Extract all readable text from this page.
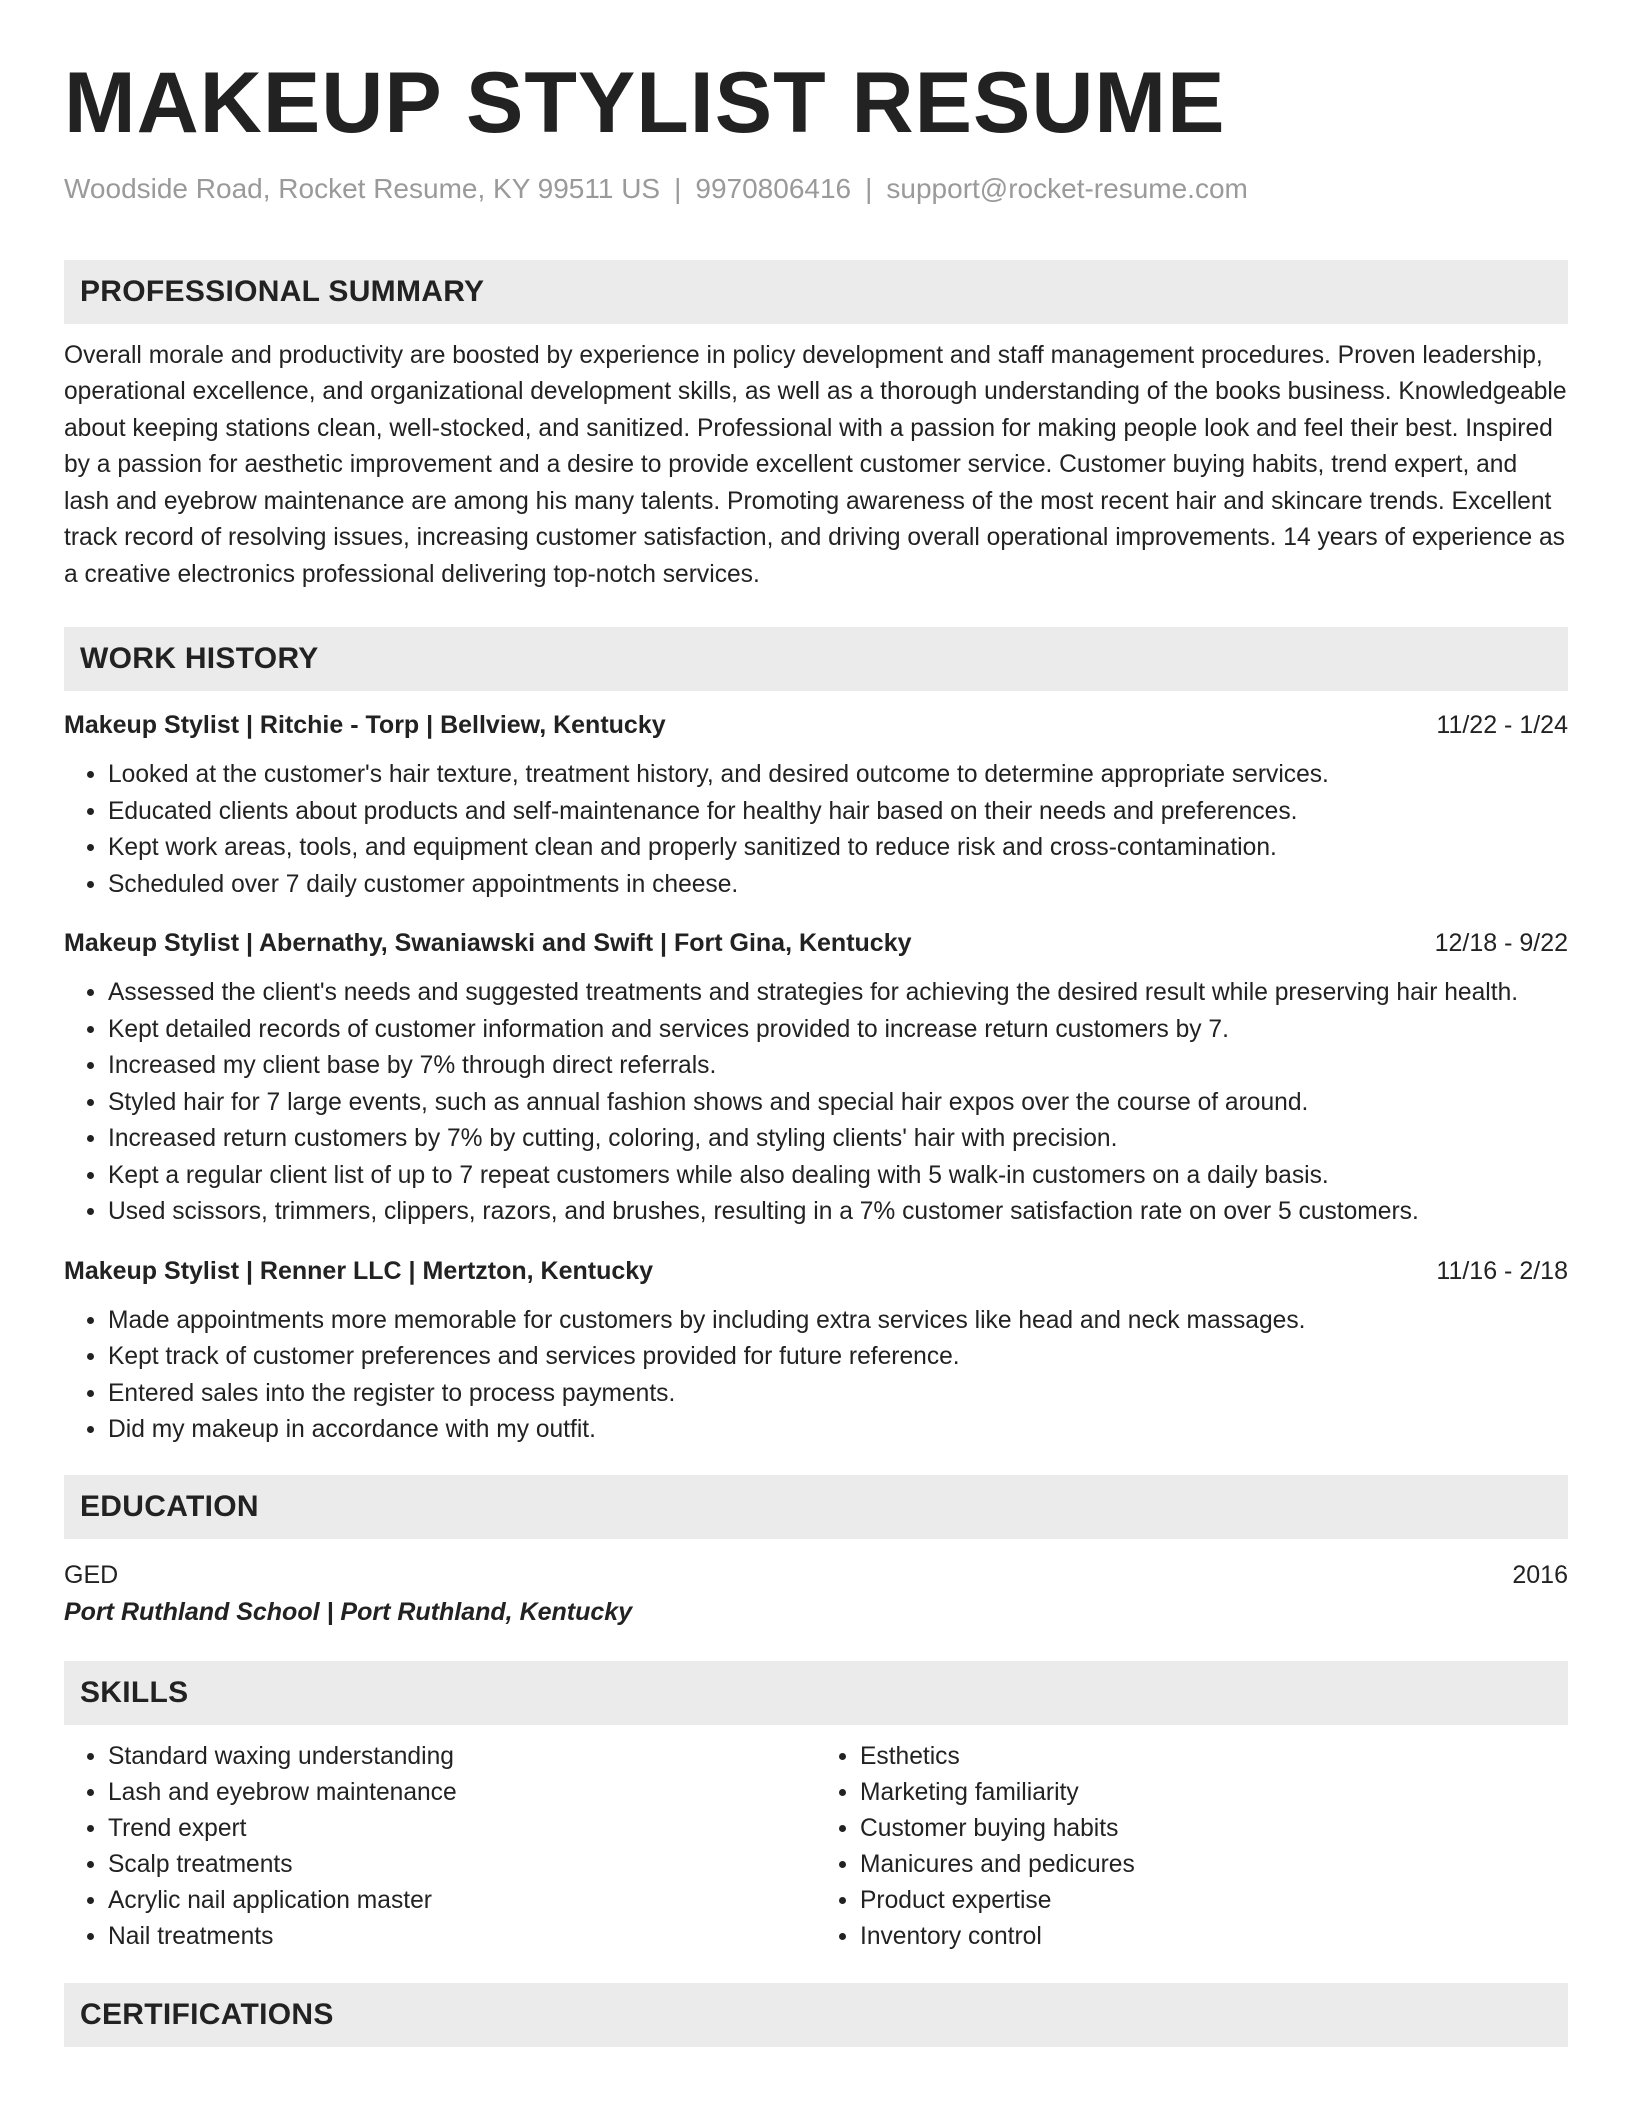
MAKEUP STYLIST RESUME
Woodside Road, Rocket Resume, KY 99511 US | 9970806416 | support@rocket-resume.com
PROFESSIONAL SUMMARY
Overall morale and productivity are boosted by experience in policy development and staff management procedures. Proven leadership, operational excellence, and organizational development skills, as well as a thorough understanding of the books business. Knowledgeable about keeping stations clean, well-stocked, and sanitized. Professional with a passion for making people look and feel their best. Inspired by a passion for aesthetic improvement and a desire to provide excellent customer service. Customer buying habits, trend expert, and lash and eyebrow maintenance are among his many talents. Promoting awareness of the most recent hair and skincare trends. Excellent track record of resolving issues, increasing customer satisfaction, and driving overall operational improvements. 14 years of experience as a creative electronics professional delivering top-notch services.
WORK HISTORY
Makeup Stylist | Ritchie - Torp | Bellview, Kentucky	11/22 - 1/24
• Looked at the customer's hair texture, treatment history, and desired outcome to determine appropriate services.
• Educated clients about products and self-maintenance for healthy hair based on their needs and preferences.
• Kept work areas, tools, and equipment clean and properly sanitized to reduce risk and cross-contamination.
• Scheduled over 7 daily customer appointments in cheese.
Makeup Stylist | Abernathy, Swaniawski and Swift | Fort Gina, Kentucky	12/18 - 9/22
• Assessed the client's needs and suggested treatments and strategies for achieving the desired result while preserving hair health.
• Kept detailed records of customer information and services provided to increase return customers by 7.
• Increased my client base by 7% through direct referrals.
• Styled hair for 7 large events, such as annual fashion shows and special hair expos over the course of around.
• Increased return customers by 7% by cutting, coloring, and styling clients' hair with precision.
• Kept a regular client list of up to 7 repeat customers while also dealing with 5 walk-in customers on a daily basis.
• Used scissors, trimmers, clippers, razors, and brushes, resulting in a 7% customer satisfaction rate on over 5 customers.
Makeup Stylist | Renner LLC | Mertzton, Kentucky	11/16 - 2/18
• Made appointments more memorable for customers by including extra services like head and neck massages.
• Kept track of customer preferences and services provided for future reference.
• Entered sales into the register to process payments.
• Did my makeup in accordance with my outfit.
EDUCATION
GED	2016
Port Ruthland School | Port Ruthland, Kentucky
SKILLS
• Standard waxing understanding
• Lash and eyebrow maintenance
• Trend expert
• Scalp treatments
• Acrylic nail application master
• Nail treatments
• Esthetics
• Marketing familiarity
• Customer buying habits
• Manicures and pedicures
• Product expertise
• Inventory control
CERTIFICATIONS
